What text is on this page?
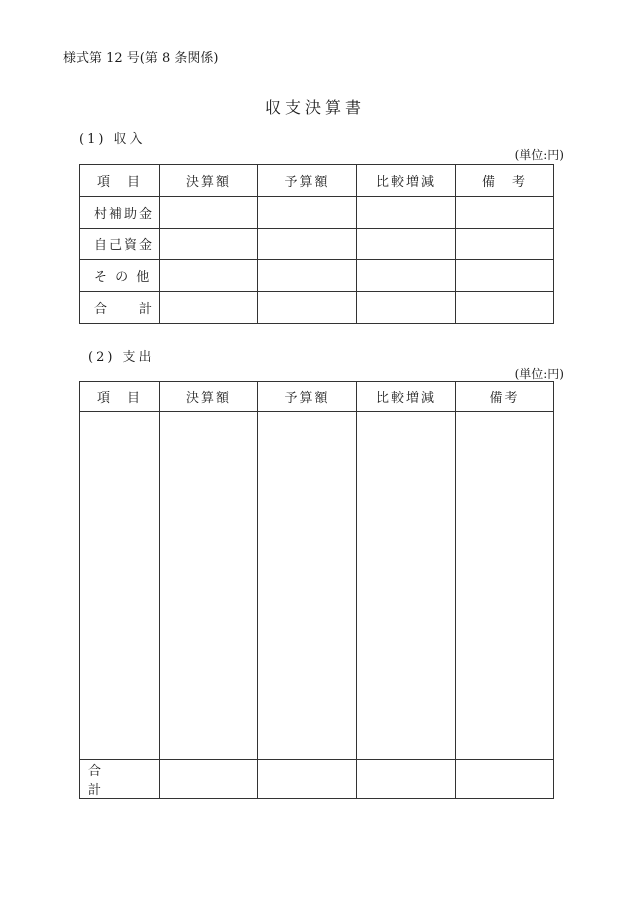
様式第 12 号(第 8 条関係)
収支決算書
(1) 収入
(単位:円)
項　目	決算額	予算額	比較増減	備　考
村補助金				
自己資金				
そ の 他				
合　　計				
(2) 支出
(単位:円)
項　目	決算額	予算額	比較増減	備考

合　　　計				
